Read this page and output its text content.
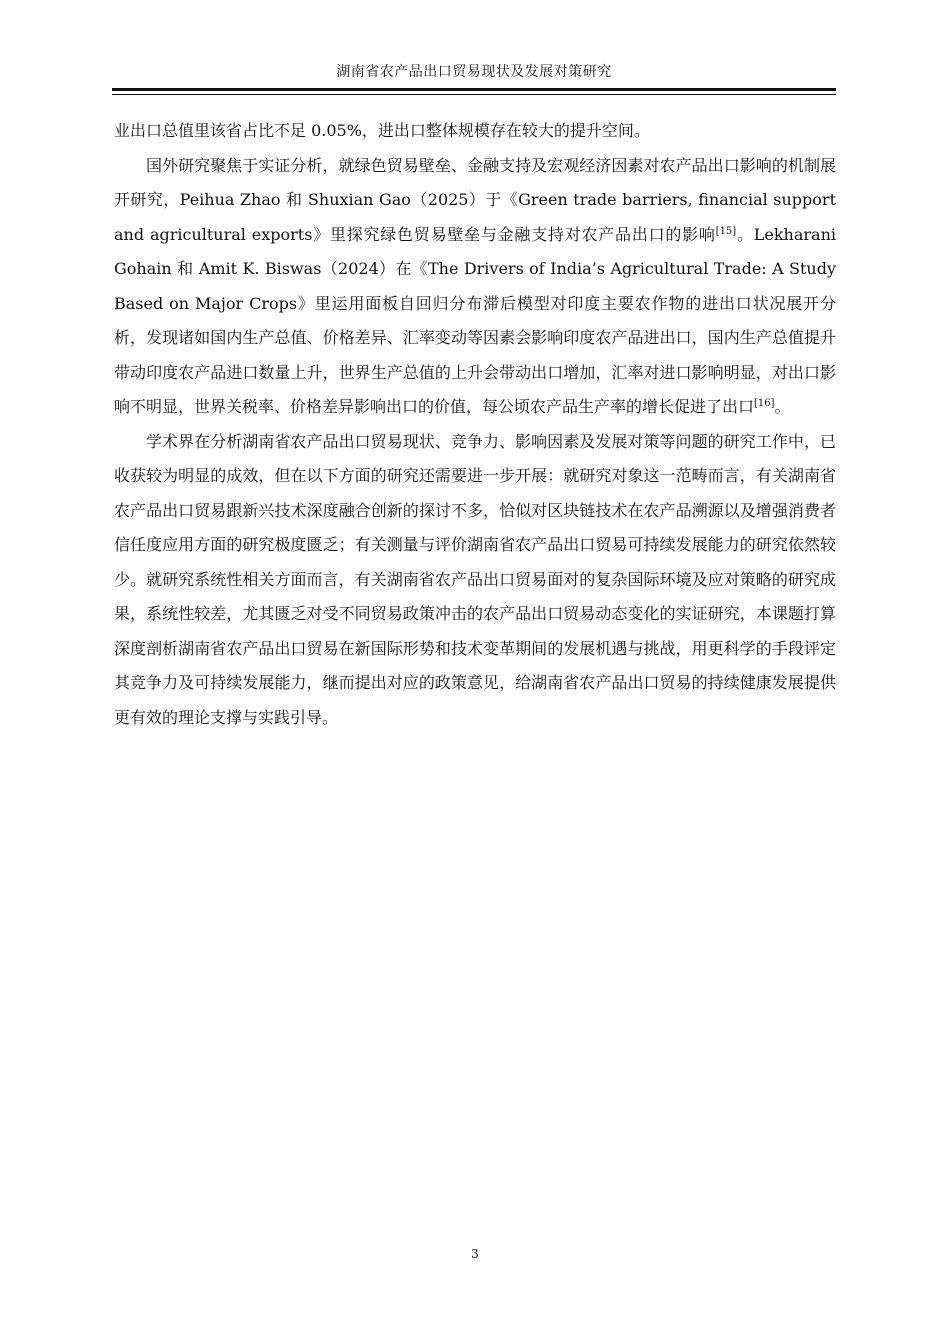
湖南省农产品出口贸易现状及发展对策研究

业出口总值里该省占比不足 0.05%，进出口整体规模存在较大的提升空间。

国外研究聚焦于实证分析，就绿色贸易壁垒、金融支持及宏观经济因素对农产品出口影响的机制展开研究，Peihua Zhao 和 Shuxian Gao（2025）于《Green trade barriers, financial support and agricultural exports》里探究绿色贸易壁垒与金融支持对农产品出口的影响[15]。Lekharani Gohain 和 Amit K. Biswas（2024）在《The Drivers of India’s Agricultural Trade: A Study Based on Major Crops》里运用面板自回归分布滞后模型对印度主要农作物的进出口状况展开分析，发现诸如国内生产总值、价格差异、汇率变动等因素会影响印度农产品进出口，国内生产总值提升带动印度农产品进口数量上升，世界生产总值的上升会带动出口增加，汇率对进口影响明显，对出口影响不明显，世界关税率、价格差异影响出口的价值，每公顷农产品生产率的增长促进了出口[16]。

学术界在分析湖南省农产品出口贸易现状、竞争力、影响因素及发展对策等问题的研究工作中，已收获较为明显的成效，但在以下方面的研究还需要进一步开展：就研究对象这一范畴而言，有关湖南省农产品出口贸易跟新兴技术深度融合创新的探讨不多，恰似对区块链技术在农产品溯源以及增强消费者信任度应用方面的研究极度匮乏；有关测量与评价湖南省农产品出口贸易可持续发展能力的研究依然较少。就研究系统性相关方面而言，有关湖南省农产品出口贸易面对的复杂国际环境及应对策略的研究成果，系统性较差，尤其匮乏对受不同贸易政策冲击的农产品出口贸易动态变化的实证研究，本课题打算深度剖析湖南省农产品出口贸易在新国际形势和技术变革期间的发展机遇与挑战，用更科学的手段评定其竞争力及可持续发展能力，继而提出对应的政策意见，给湖南省农产品出口贸易的持续健康发展提供更有效的理论支撑与实践引导。

3
